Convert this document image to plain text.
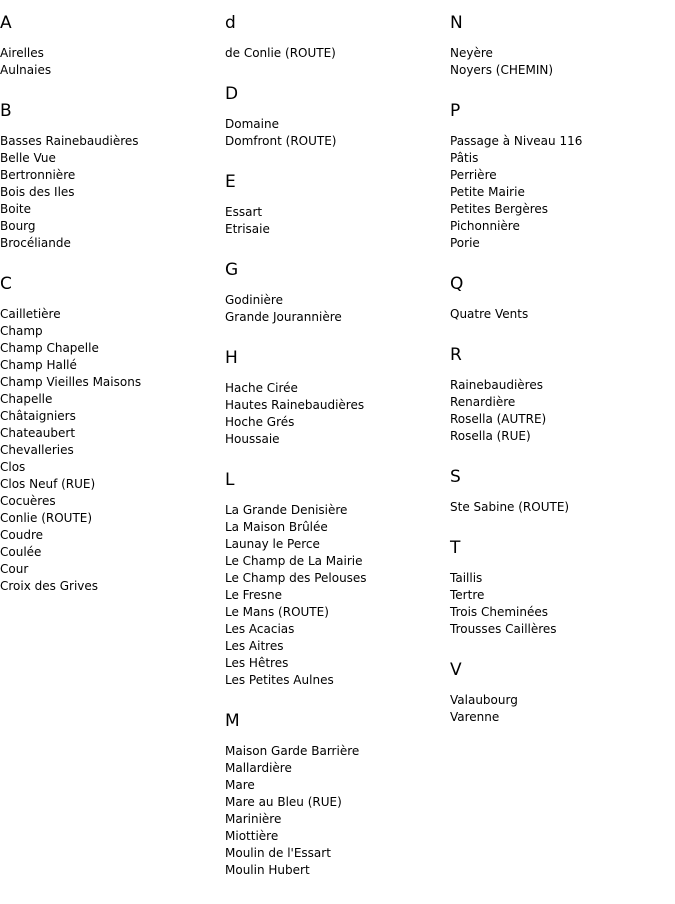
A
Airelles
Aulnaies
B
Basses Rainebaudières
Belle Vue
Bertronnière
Bois des Iles
Boite
Bourg
Brocéliande
C
Cailletière
Champ
Champ Chapelle
Champ Hallé
Champ Vieilles Maisons
Chapelle
Châtaigniers
Chateaubert
Chevalleries
Clos
Clos Neuf (RUE)
Cocuères
Conlie (ROUTE)
Coudre
Coulée
Cour
Croix des Grives
d
de Conlie (ROUTE)
D
Domaine
Domfront (ROUTE)
E
Essart
Etrisaie
G
Godinière
Grande Jourannière
H
Hache Cirée
Hautes Rainebaudières
Hoche Grés
Houssaie
L
La Grande Denisière
La Maison Brûlée
Launay le Perce
Le Champ de La Mairie
Le Champ des Pelouses
Le Fresne
Le Mans (ROUTE)
Les Acacias
Les Aitres
Les Hêtres
Les Petites Aulnes
M
Maison Garde Barrière
Mallardière
Mare
Mare au Bleu (RUE)
Marinière
Miottière
Moulin de l'Essart
Moulin Hubert
N
Neyère
Noyers (CHEMIN)
P
Passage à Niveau 116
Pâtis
Perrière
Petite Mairie
Petites Bergères
Pichonnière
Porie
Q
Quatre Vents
R
Rainebaudières
Renardière
Rosella (AUTRE)
Rosella (RUE)
S
Ste Sabine (ROUTE)
T
Taillis
Tertre
Trois Cheminées
Trousses Caillères
V
Valaubourg
Varenne
